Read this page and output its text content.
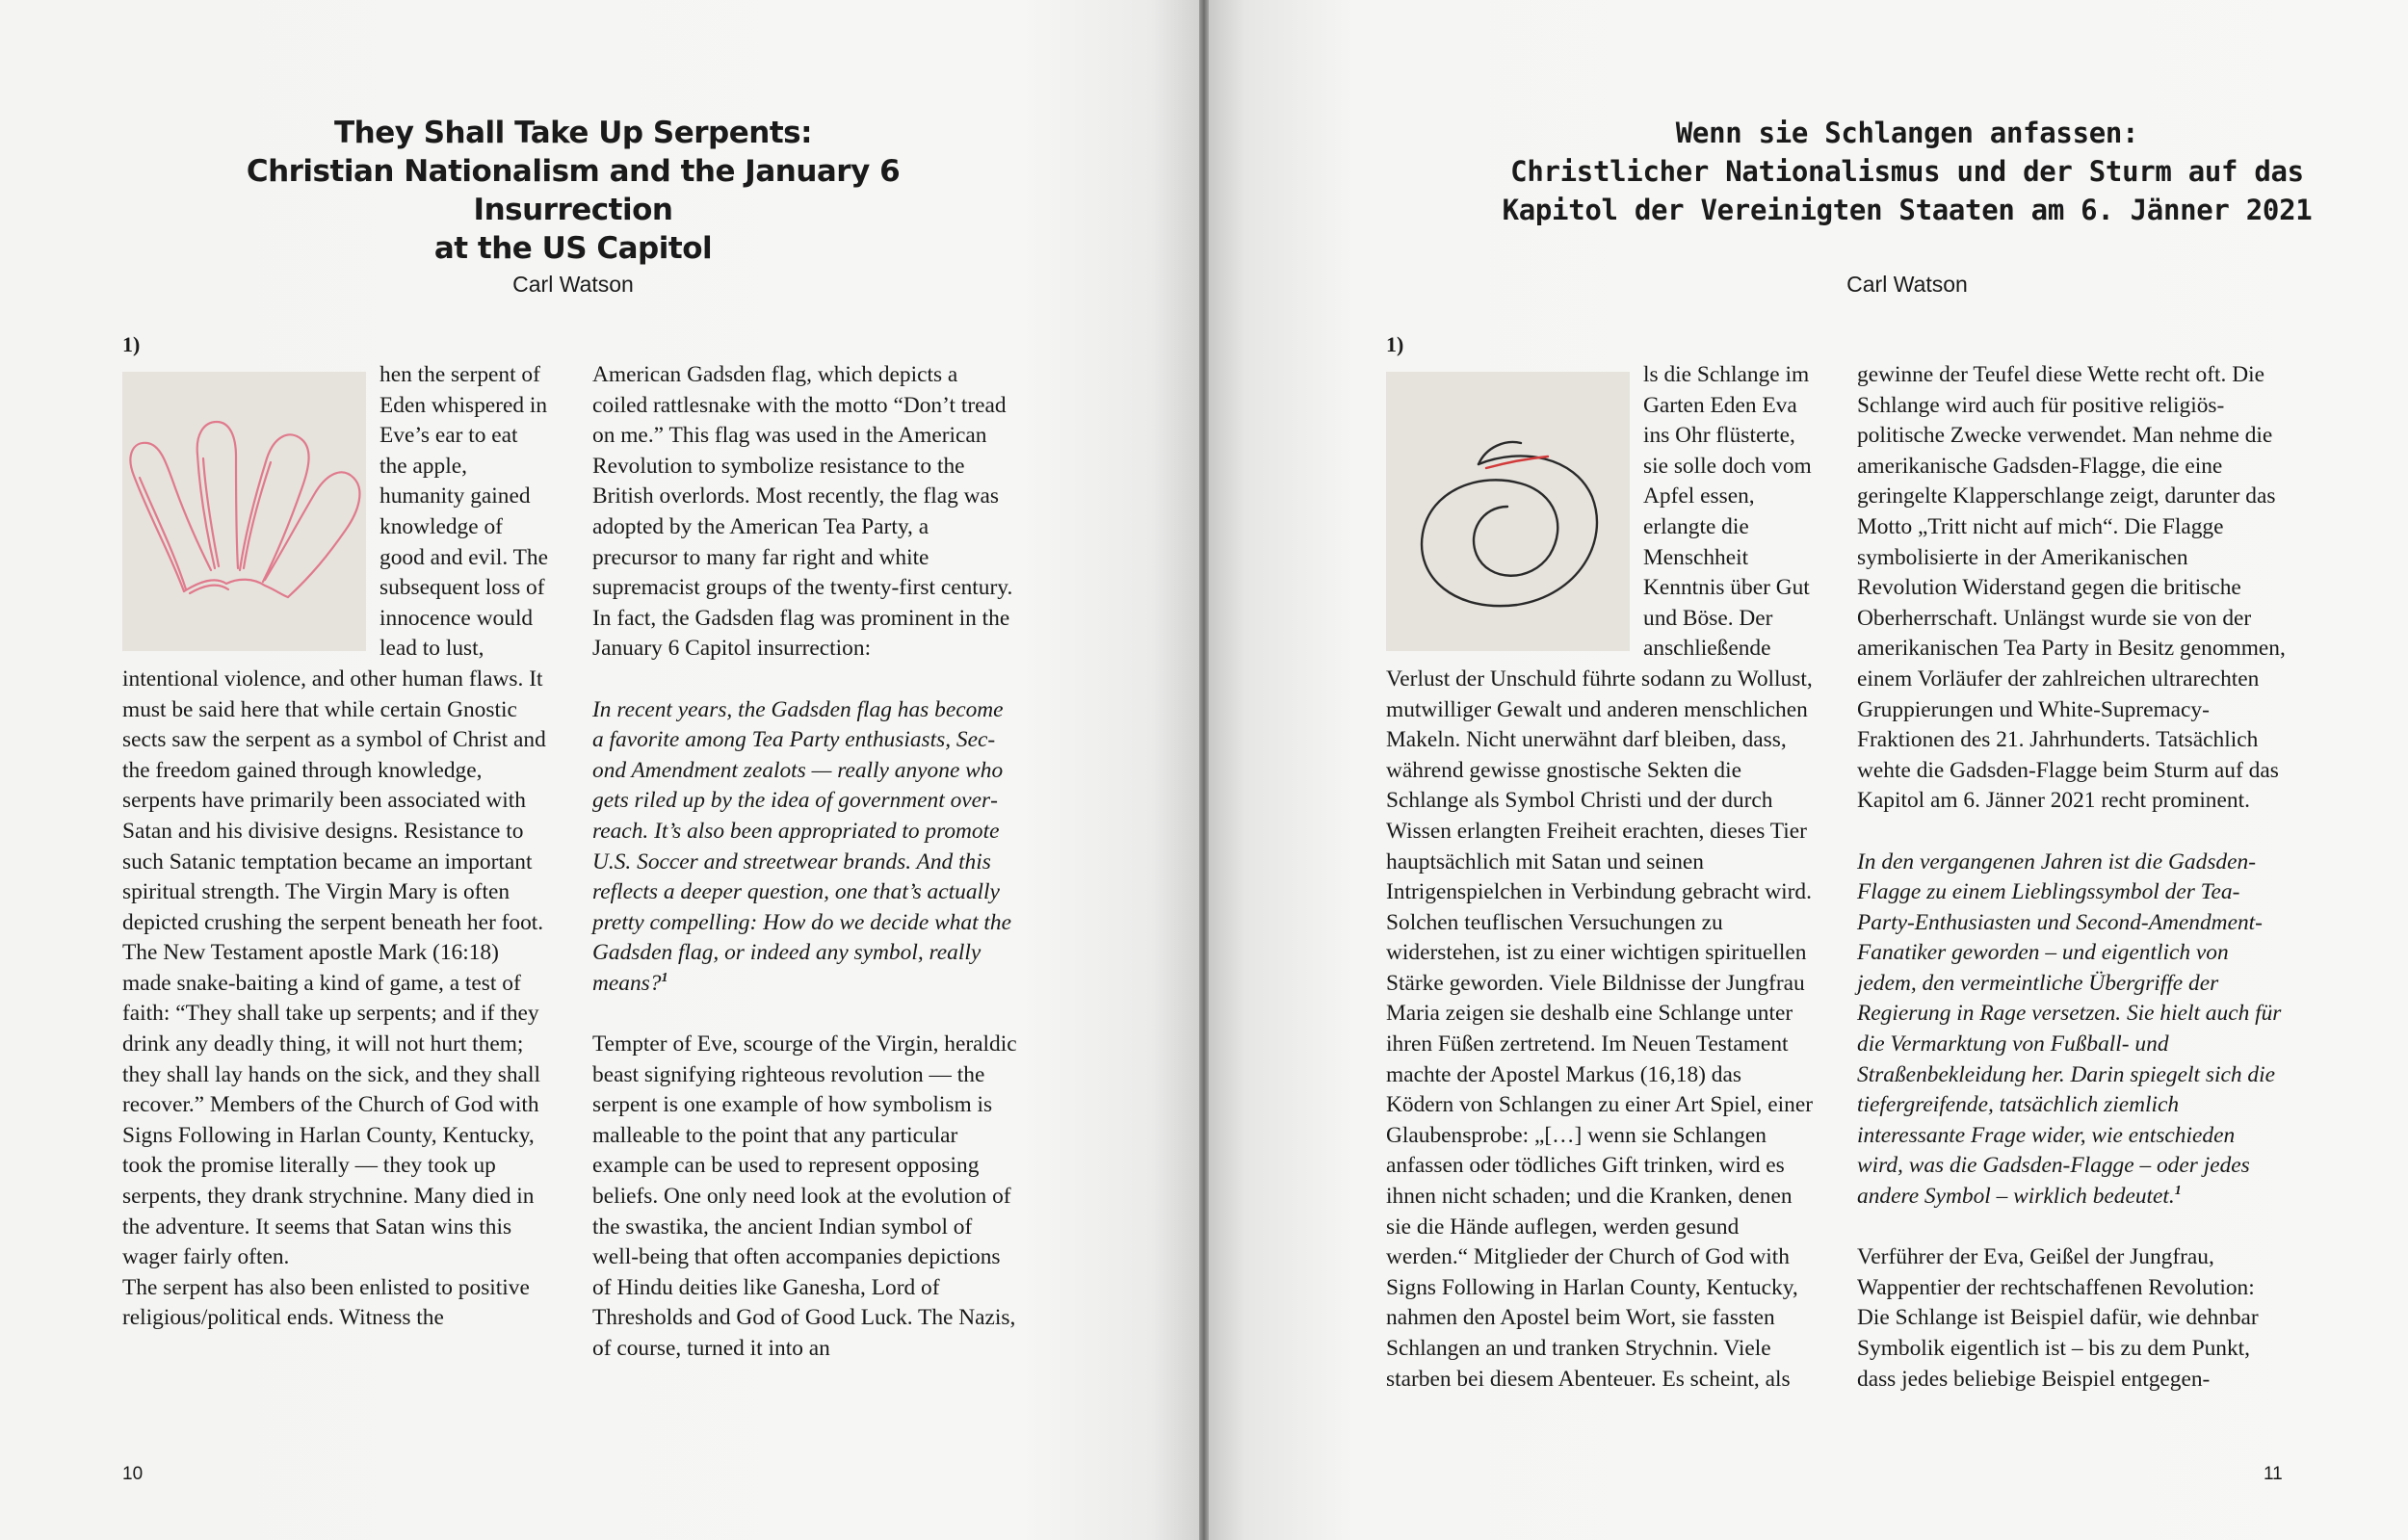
They Shall Take Up Serpents:
Christian Nationalism and the January 6 Insurrection
at the US Capitol
Carl Watson
1)

hen the serpent of Eden whispered in Eve’s ear to eat the apple, humanity gained knowledge of good and evil. The subsequent loss of innocence would lead to lust, intentional violence, and other human flaws. It must be said here that while certain Gnostic sects saw the serpent as a symbol of Christ and the freedom gained through knowledge, serpents have primarily been associated with Satan and his divisive designs. Resistance to such Satanic temptation became an important spiritual strength. The Virgin Mary is often depicted crushing the serpent beneath her foot.

The New Testament apostle Mark (16:18) made snake-baiting a kind of game, a test of faith: “They shall take up serpents; and if they drink any deadly thing, it will not hurt them; they shall lay hands on the sick, and they shall recover.” Members of the Church of God with Signs Following in Harlan County, Kentucky, took the promise literally — they took up serpents, they drank strychnine. Many died in the adventure. It seems that Satan wins this wager fairly often.

The serpent has also been enlisted to positive religious/political ends. Witness the

American Gadsden flag, which depicts a coiled rattlesnake with the motto “Don’t tread on me.” This flag was used in the American Revolution to symbolize resistance to the British overlords. Most recently, the flag was adopted by the American Tea Party, a precursor to many far right and white supremacist groups of the twenty-first century. In fact, the Gadsden flag was prominent in the January 6 Capitol insurrection:

In recent years, the Gadsden flag has become a favorite among Tea Party enthusiasts, Second Amendment zealots — really anyone who gets riled up by the idea of government overreach. It’s also been appropriated to promote U.S. Soccer and streetwear brands. And this reflects a deeper question, one that’s actually pretty compelling: How do we decide what the Gadsden flag, or indeed any symbol, really means?$^1$

Tempter of Eve, scourge of the Virgin, heraldic beast signifying righteous revolution — the serpent is one example of how symbolism is malleable to the point that any particular example can be used to represent opposing beliefs. One only need look at the evolution of the swastika, the ancient Indian symbol of well-being that often accompanies depictions of Hindu deities like Ganesha, Lord of Thresholds and God of Good Luck. The Nazis, of course, turned it into an

10
Wenn sie Schlangen anfassen:
Christlicher Nationalismus und der Sturm auf das
Kapitol der Vereinigten Staaten am 6. Jänner 2021
Carl Watson
1)

ls die Schlange im Garten Eden Eva ins Ohr flüsterte, sie solle doch vom Apfel essen, erlangte die Menschheit Kenntnis über Gut und Böse. Der anschließende Verlust der Unschuld führte sodann zu Wollust, mutwilliger Gewalt und anderen menschlichen Makeln. Nicht unerwähnt darf bleiben, dass, während gewisse gnostische Sekten die Schlange als Symbol Christi und der durch Wissen erlangten Freiheit erachten, dieses Tier hauptsächlich mit Satan und seinen Intrigenspielchen in Verbindung gebracht wird. Solchen teuflischen Versuchungen zu widerstehen, ist zu einer wichtigen spirituellen Stärke geworden. Viele Bildnisse der Jungfrau Maria zeigen sie deshalb eine Schlange unter ihren Füßen zertretend. Im Neuen Testament machte der Apostel Markus (16,18) das Ködern von Schlangen zu einer Art Spiel, einer Glaubensprobe: „[…] wenn sie Schlangen anfassen oder tödliches Gift trinken, wird es ihnen nicht schaden; und die Kranken, denen sie die Hände auflegen, werden gesund werden.“ Mitglieder der Church of God with Signs Following in Harlan County, Kentucky, nahmen den Apostel beim Wort, sie fassten Schlangen an und tranken Strychnin. Viele starben bei diesem Abenteuer. Es scheint, als

gewinne der Teufel diese Wette recht oft. Die Schlange wird auch für positive religiös-politische Zwecke verwendet. Man nehme die amerikanische Gadsden-Flagge, die eine geringelte Klapperschlange zeigt, darunter das Motto „Tritt nicht auf mich“. Die Flagge symbolisierte in der Amerikanischen Revolution Widerstand gegen die britische Oberherrschaft. Unlängst wurde sie von der amerikanischen Tea Party in Besitz genommen, einem Vorläufer der zahlreichen ultrarechten Gruppierungen und White-Supremacy-Fraktionen des 21. Jahrhunderts. Tatsächlich wehte die Gadsden-Flagge beim Sturm auf das Kapitol am 6. Jänner 2021 recht prominent.

In den vergangenen Jahren ist die Gadsden-Flagge zu einem Lieblingssymbol der Tea-Party-Enthusiasten und Second-Amendment-Fanatiker geworden – und eigentlich von jedem, den vermeintliche Übergriffe der Regierung in Rage versetzen. Sie hielt auch für die Vermarktung von Fußball- und Straßenbekleidung her. Darin spiegelt sich die tiefergreifende, tatsächlich ziemlich interessante Frage wider, wie entschieden wird, was die Gadsden-Flagge – oder jedes andere Symbol – wirklich bedeutet.$^1$

Verführer der Eva, Geißel der Jungfrau, Wappentier der rechtschaffenen Revolution: Die Schlange ist Beispiel dafür, wie dehnbar Symbolik eigentlich ist – bis zu dem Punkt, dass jedes beliebige Beispiel entgegen-

11
